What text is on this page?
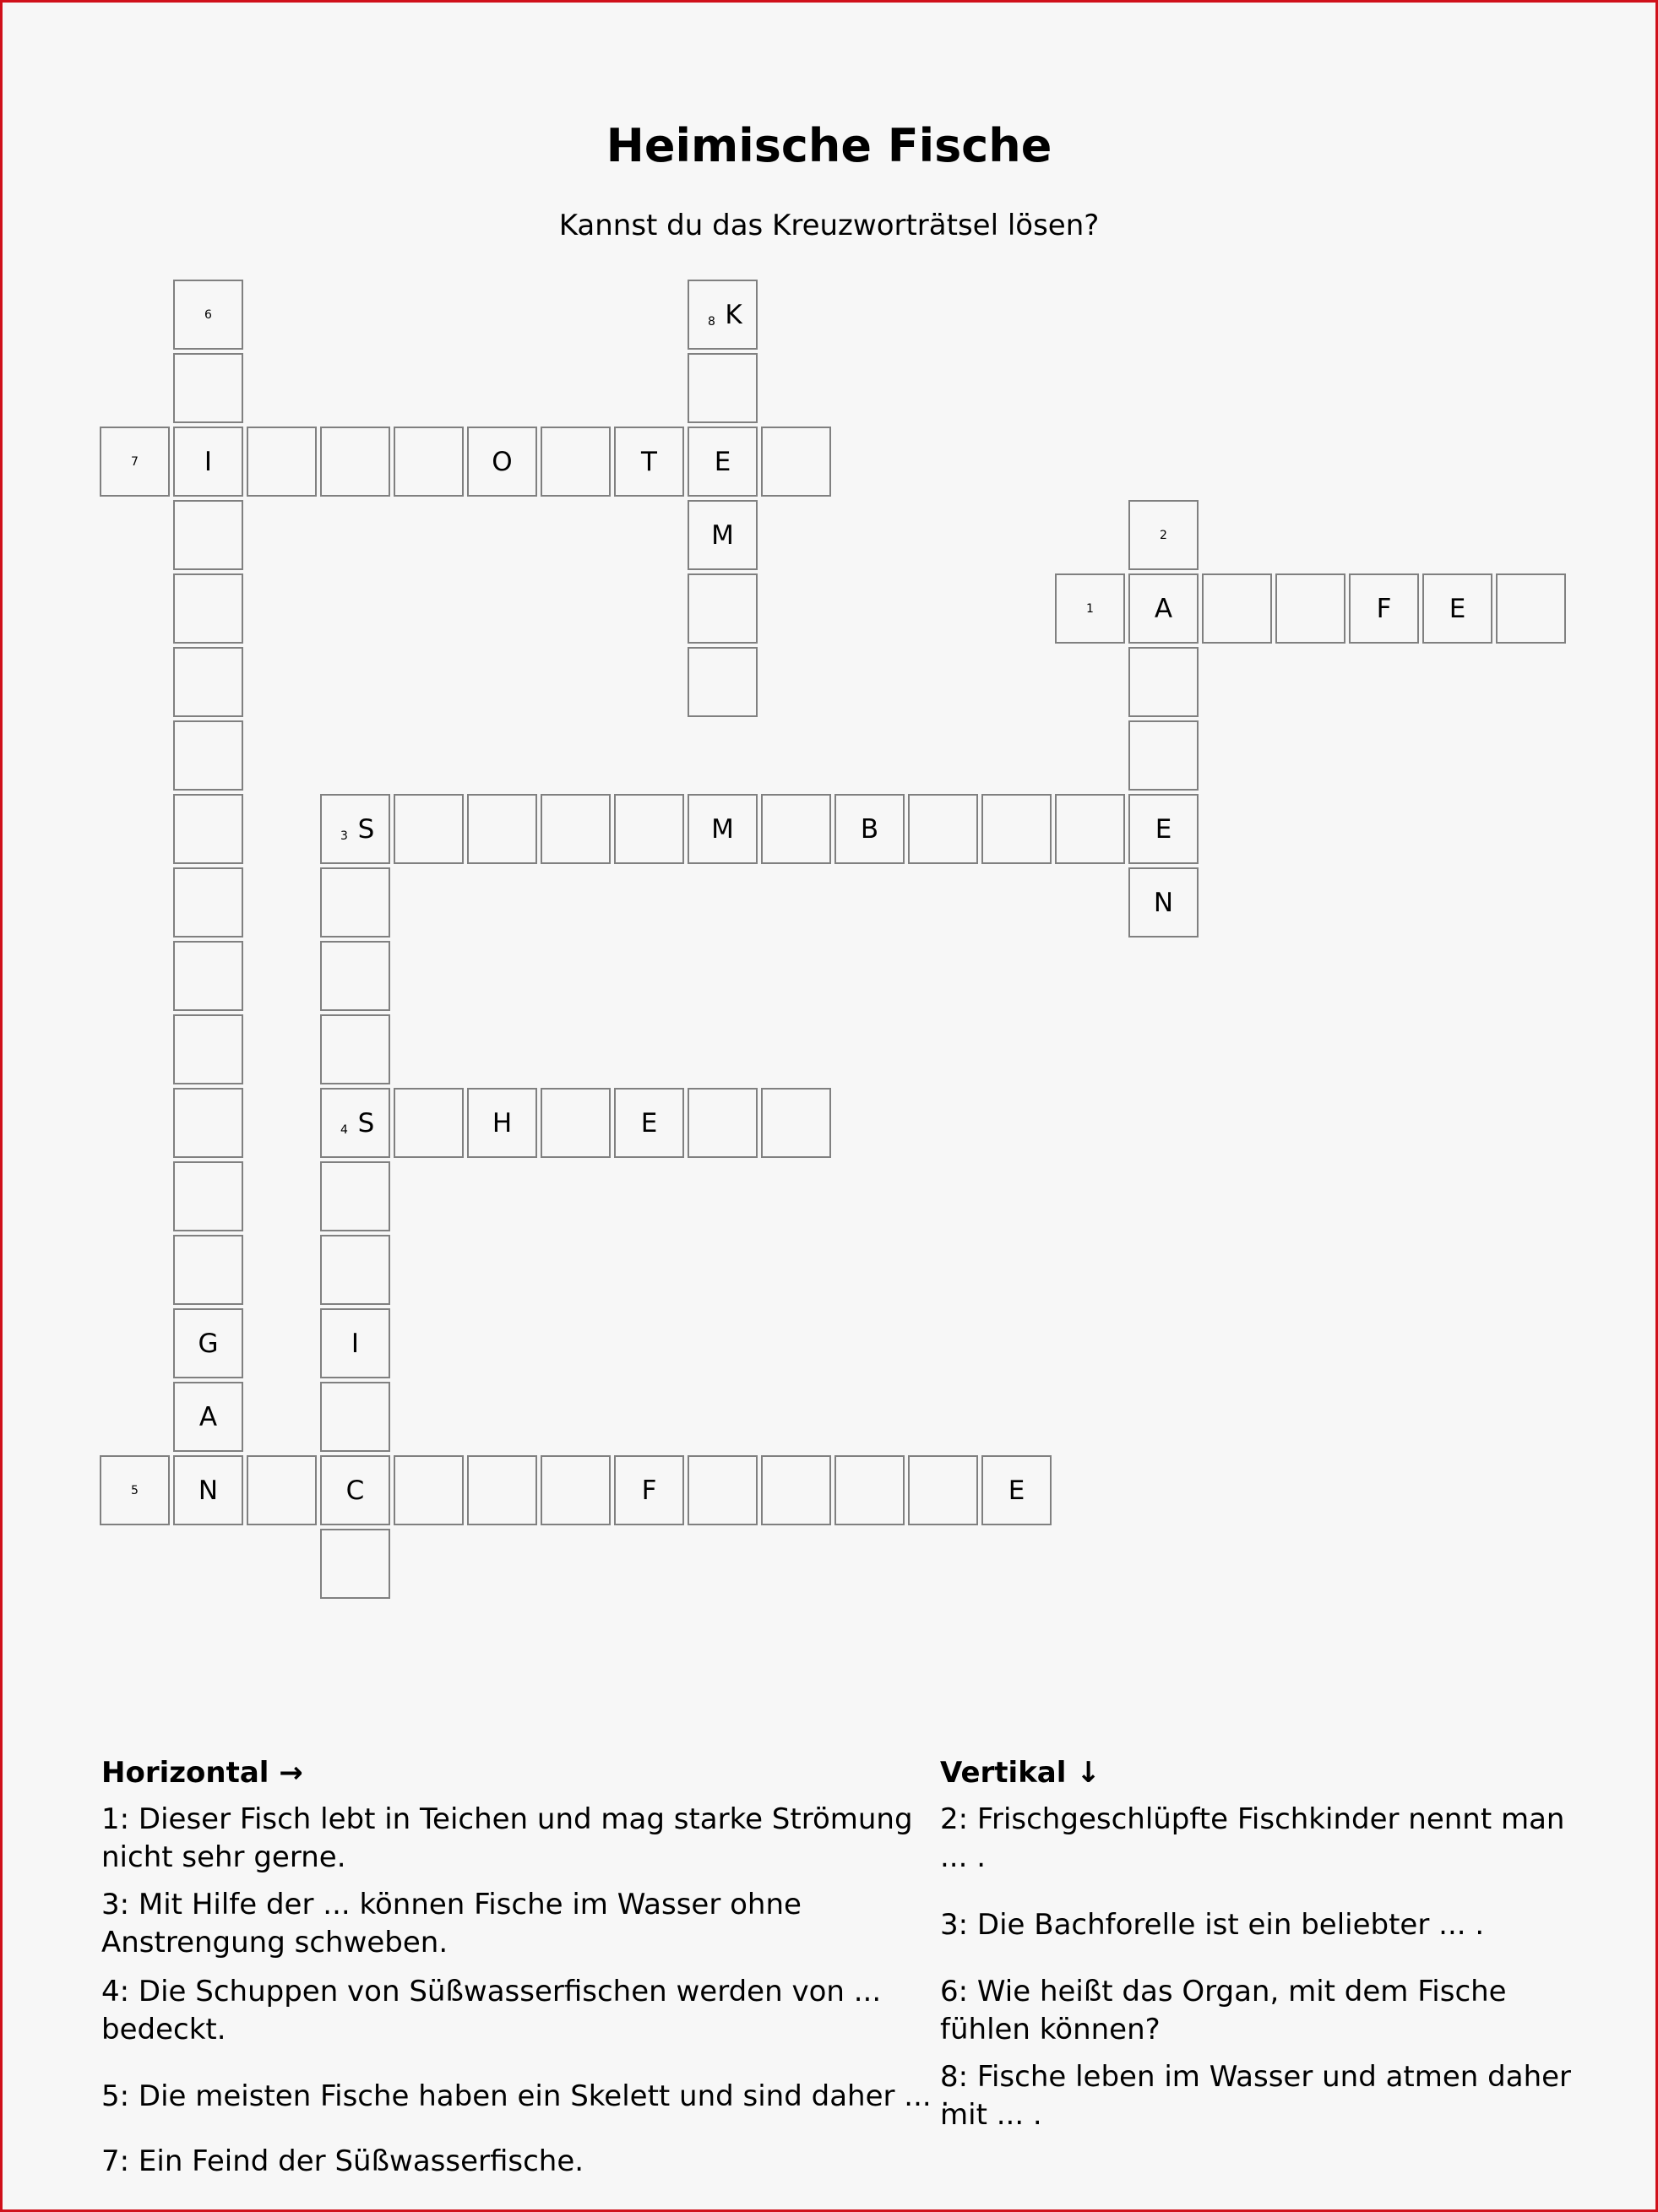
Heimische Fische
Kannst du das Kreuzworträtsel lösen?
6
8 K
7	I	O	T	E
M	2
1	A	F	E
3 S	M	B	E
N
4 S	H	E
G	I
A
5	N	C	F	E
Horizontal →	Vertikal ↓
1: Dieser Fisch lebt in Teichen und mag starke Strömung
nicht sehr gerne.
3: Mit Hilfe der ... können Fische im Wasser ohne
Anstrengung schweben.
4: Die Schuppen von Süßwasserfischen werden von ...
bedeckt.
5: Die meisten Fische haben ein Skelett und sind daher ... .
7: Ein Feind der Süßwasserfische.
2: Frischgeschlüpfte Fischkinder nennt man
... .
3: Die Bachforelle ist ein beliebter ... .
6: Wie heißt das Organ, mit dem Fische
fühlen können?
8: Fische leben im Wasser und atmen daher
mit ... .
